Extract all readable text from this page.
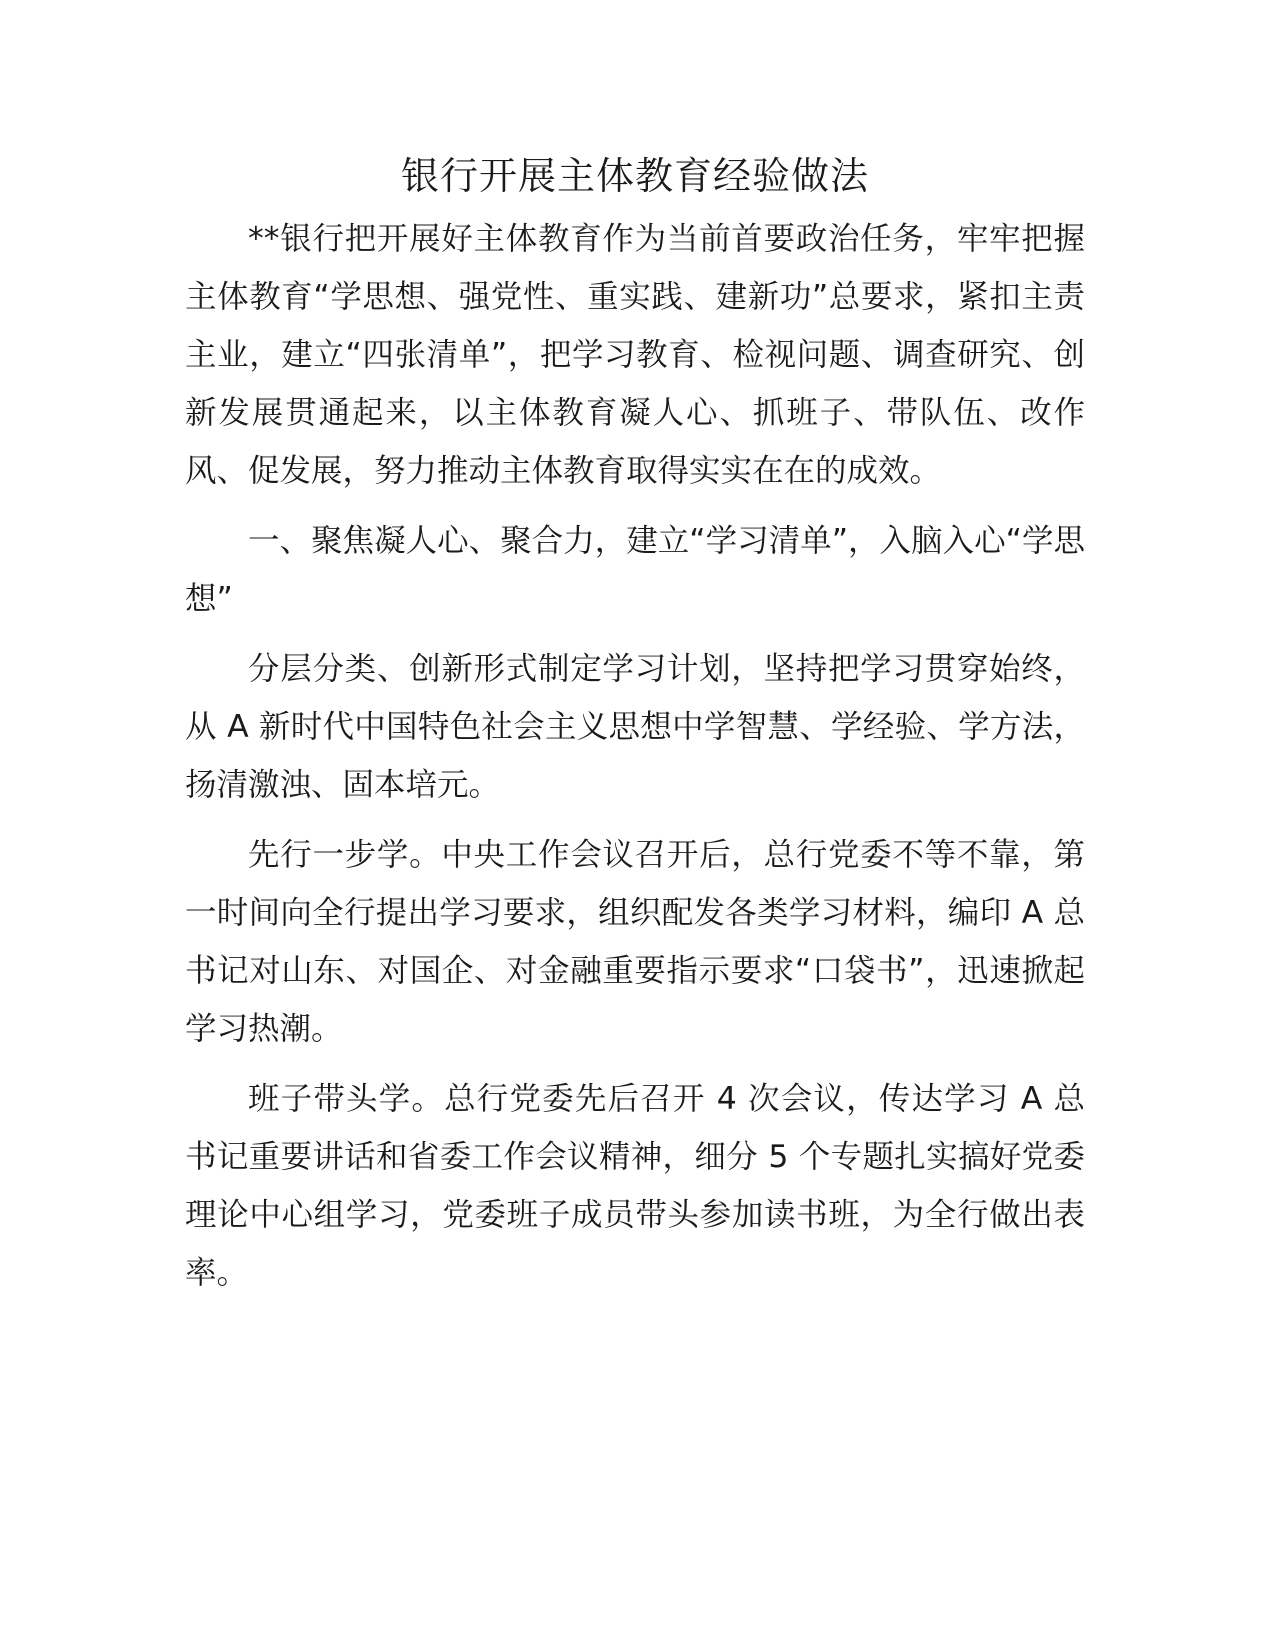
银行开展主体教育经验做法

**银行把开展好主体教育作为当前首要政治任务，牢牢把握主体教育“学思想、强党性、重实践、建新功”总要求，紧扣主责主业，建立“四张清单”，把学习教育、检视问题、调查研究、创新发展贯通起来，以主体教育凝人心、抓班子、带队伍、改作风、促发展，努力推动主体教育取得实实在在的成效。

一、聚焦凝人心、聚合力，建立“学习清单”，入脑入心“学思想”

分层分类、创新形式制定学习计划，坚持把学习贯穿始终，从 A 新时代中国特色社会主义思想中学智慧、学经验、学方法，扬清激浊、固本培元。

先行一步学。中央工作会议召开后，总行党委不等不靠，第一时间向全行提出学习要求，组织配发各类学习材料，编印 A 总书记对山东、对国企、对金融重要指示要求“口袋书”，迅速掀起学习热潮。

班子带头学。总行党委先后召开 4 次会议，传达学习 A 总书记重要讲话和省委工作会议精神，细分 5 个专题扎实搞好党委理论中心组学习，党委班子成员带头参加读书班，为全行做出表率。
